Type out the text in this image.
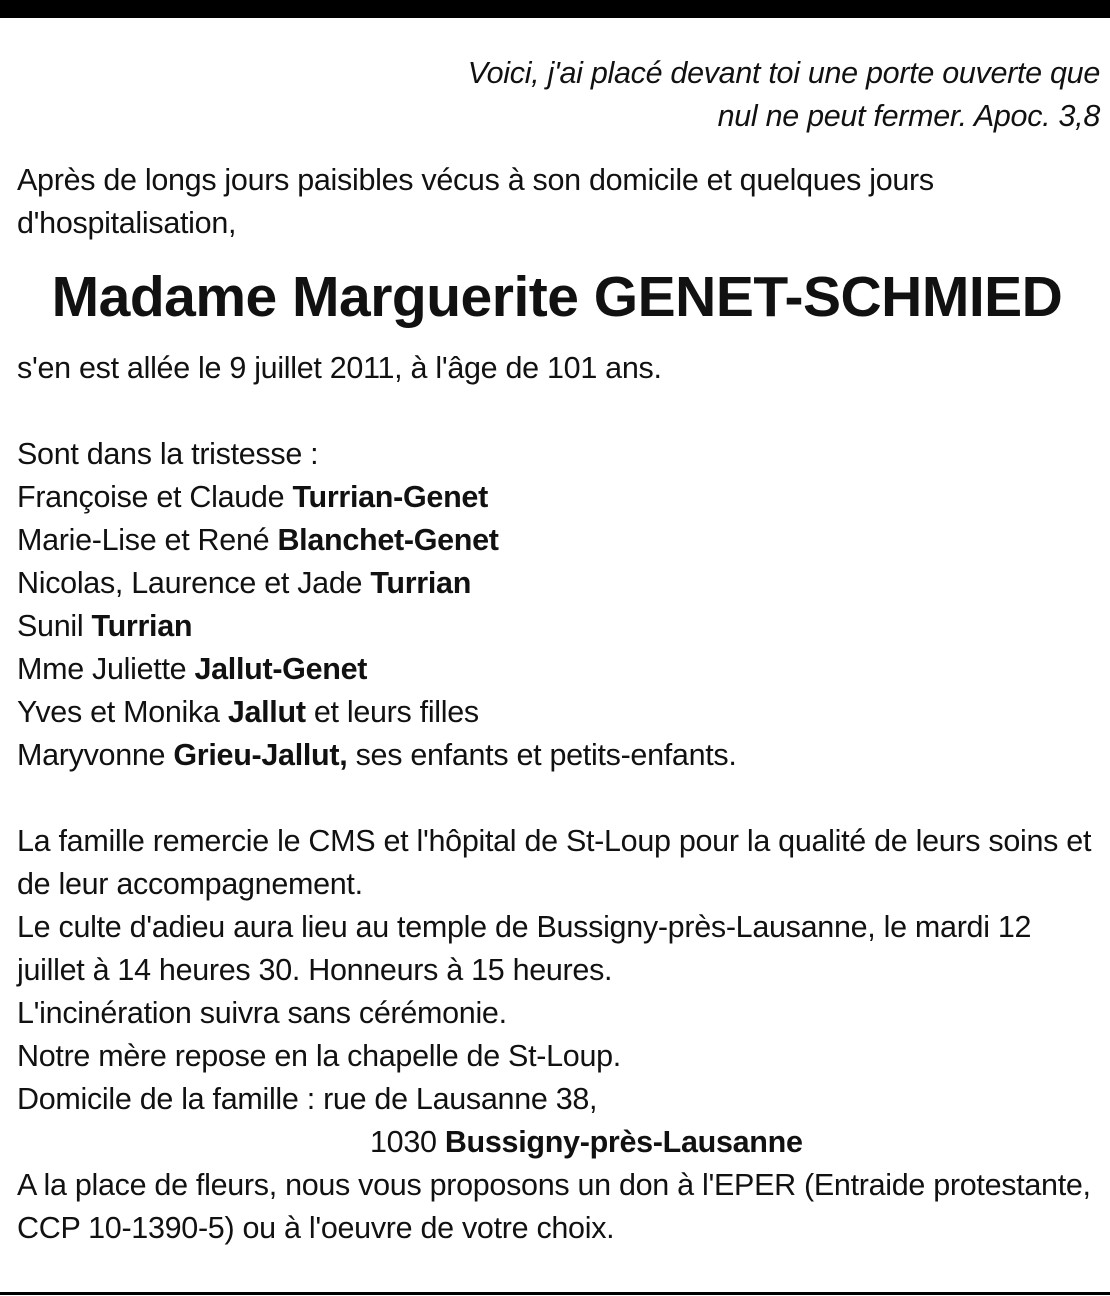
Voici, j'ai placé devant toi une porte ouverte que
nul ne peut fermer. Apoc. 3,8
Après de longs jours paisibles vécus à son domicile et quelques jours d'hospitalisation,
Madame Marguerite GENET-SCHMIED
s'en est allée le 9 juillet 2011, à l'âge de 101 ans.
Sont dans la tristesse :
Françoise et Claude Turrian-Genet
Marie-Lise et René Blanchet-Genet
Nicolas, Laurence et Jade Turrian
Sunil Turrian
Mme Juliette Jallut-Genet
Yves et Monika Jallut et leurs filles
Maryvonne Grieu-Jallut, ses enfants et petits-enfants.
La famille remercie le CMS et l'hôpital de St-Loup pour la qualité de leurs soins et de leur accompagnement.
Le culte d'adieu aura lieu au temple de Bussigny-près-Lausanne, le mardi 12 juillet à 14 heures 30. Honneurs à 15 heures.
L'incinération suivra sans cérémonie.
Notre mère repose en la chapelle de St-Loup.
Domicile de la famille : rue de Lausanne 38,
1030 Bussigny-près-Lausanne
A la place de fleurs, nous vous proposons un don à l'EPER (Entraide protestante, CCP 10-1390-5) ou à l'oeuvre de votre choix.
